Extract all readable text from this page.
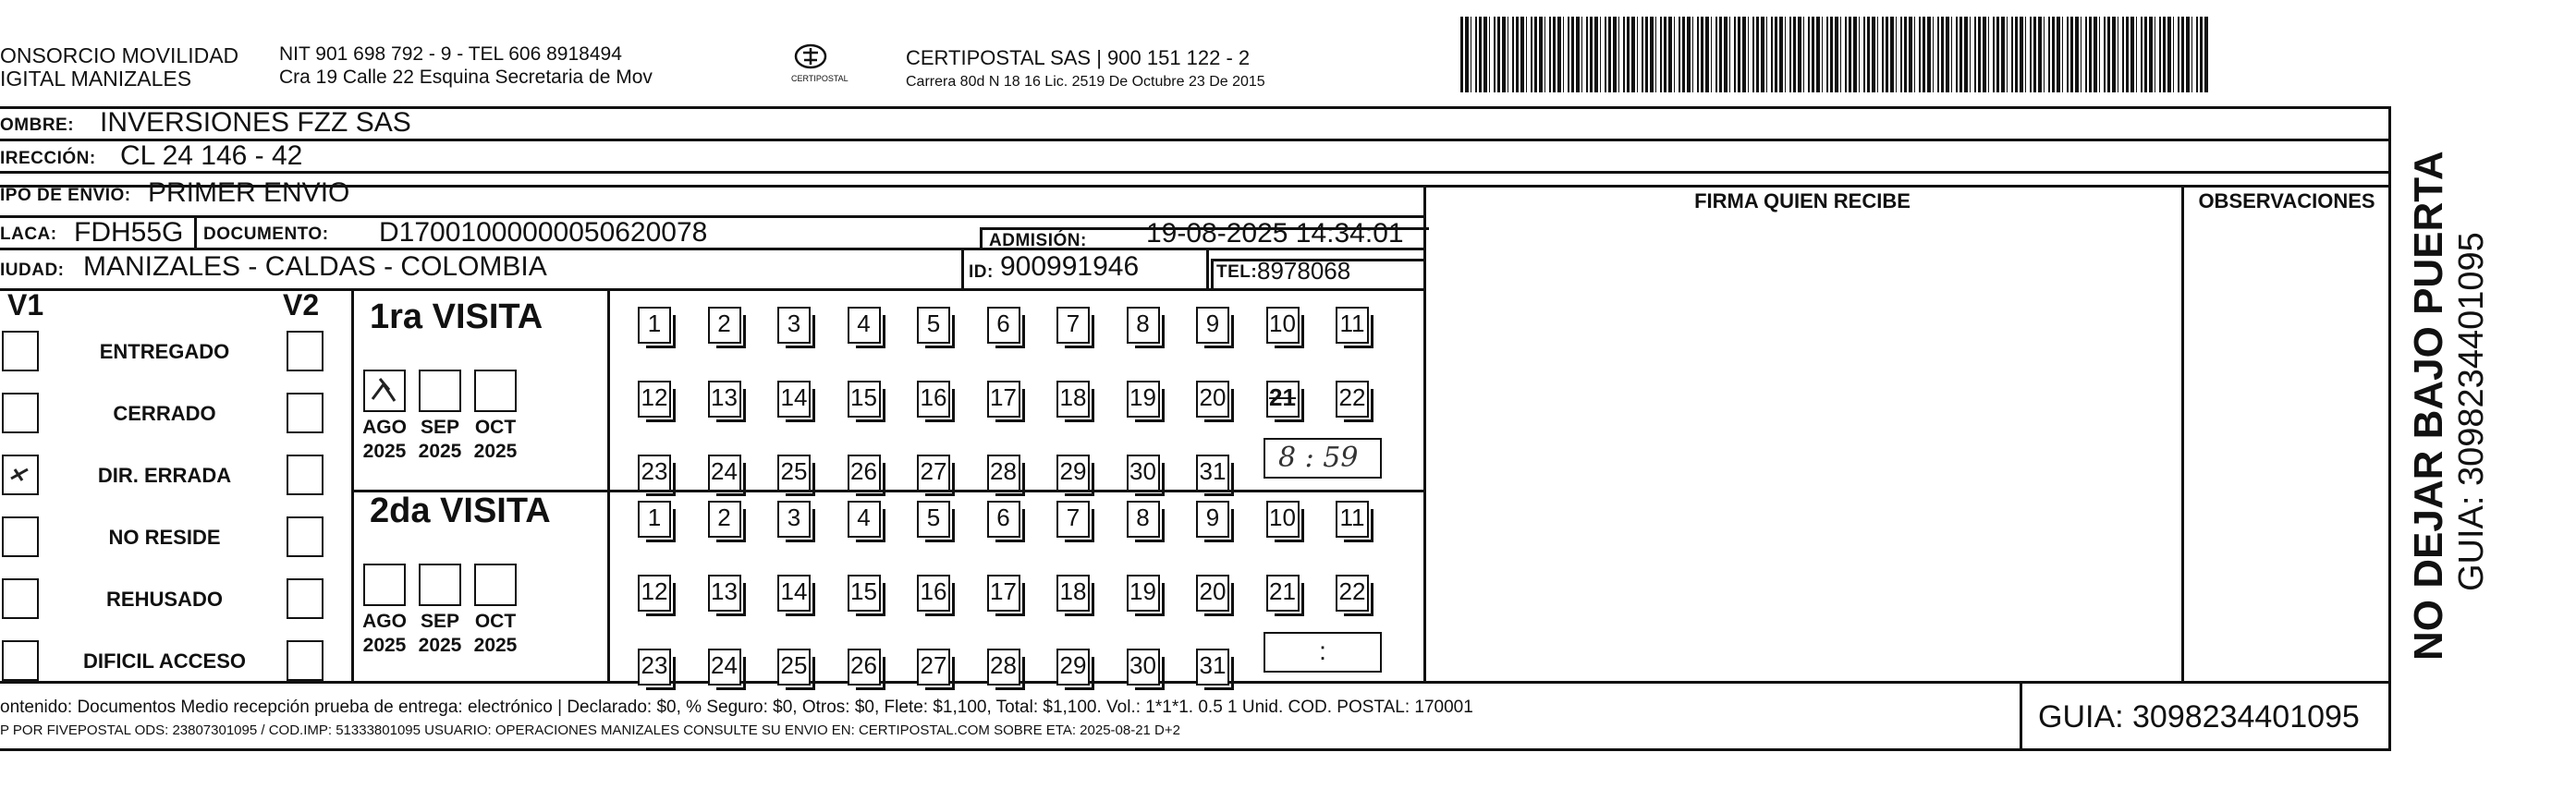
ONSORCIO MOVILIDAD
IGITAL MANIZALES
NIT 901 698 792 - 9 - TEL 606 8918494
Cra 19 Calle 22 Esquina Secretaria de Mov	CERTIPOSTAL
CERTIPOSTAL SAS | 900 151 122 - 2
Carrera 80d N 18 16 Lic. 2519 De Octubre 23 De 2015
OMBRE: INVERSIONES FZZ SAS
IRECCIÓN: CL 24 146 - 42
IPO DE ENVIO: PRIMER ENVIO
LACA: FDH55G DOCUMENTO: D17001000000050620078	ADMISIÓN: 19-08-2025 14:34:01
IUDAD: MANIZALES - CALDAS - COLOMBIA	ID: 900991946	TEL: 8978068
FIRMA QUIEN RECIBE	OBSERVACIONES
V1	V2
ENTREGADO
CERRADO
DIR. ERRADA
NO RESIDE
REHUSADO
DIFICIL ACCESO
1ra VISITA
2da VISITA
AGO
2025
SEP
2025
OCT
2025
AGO
2025
SEP
2025
OCT
2025
1	2	3	4	5	6	7	8	9	10 11
12 13 14 15 16 17 18 19 20 21 22
23 24 25 26 27 28 29 30 31
1	2	3	4	5	6	7	8	9	10 11
12 13 14 15 16 17 18 19 20 21 22
23 24 25 26 27 28 29 30 31
8 : 59
:
ontenido: Documentos Medio recepción prueba de entrega: electrónico | Declarado: $0, % Seguro: $0, Otros: $0, Flete: $1,100, Total: $1,100. Vol.: 1*1*1. 0.5 1 Unid. COD. POSTAL: 170001
P POR FIVEPOSTAL ODS: 23807301095 / COD.IMP: 51333801095 USUARIO: OPERACIONES MANIZALES CONSULTE SU ENVIO EN: CERTIPOSTAL.COM SOBRE ETA: 2025-08-21 D+2	GUIA: 3098234401095
NO DEJAR BAJO PUERTA GUIA: 3098234401095
